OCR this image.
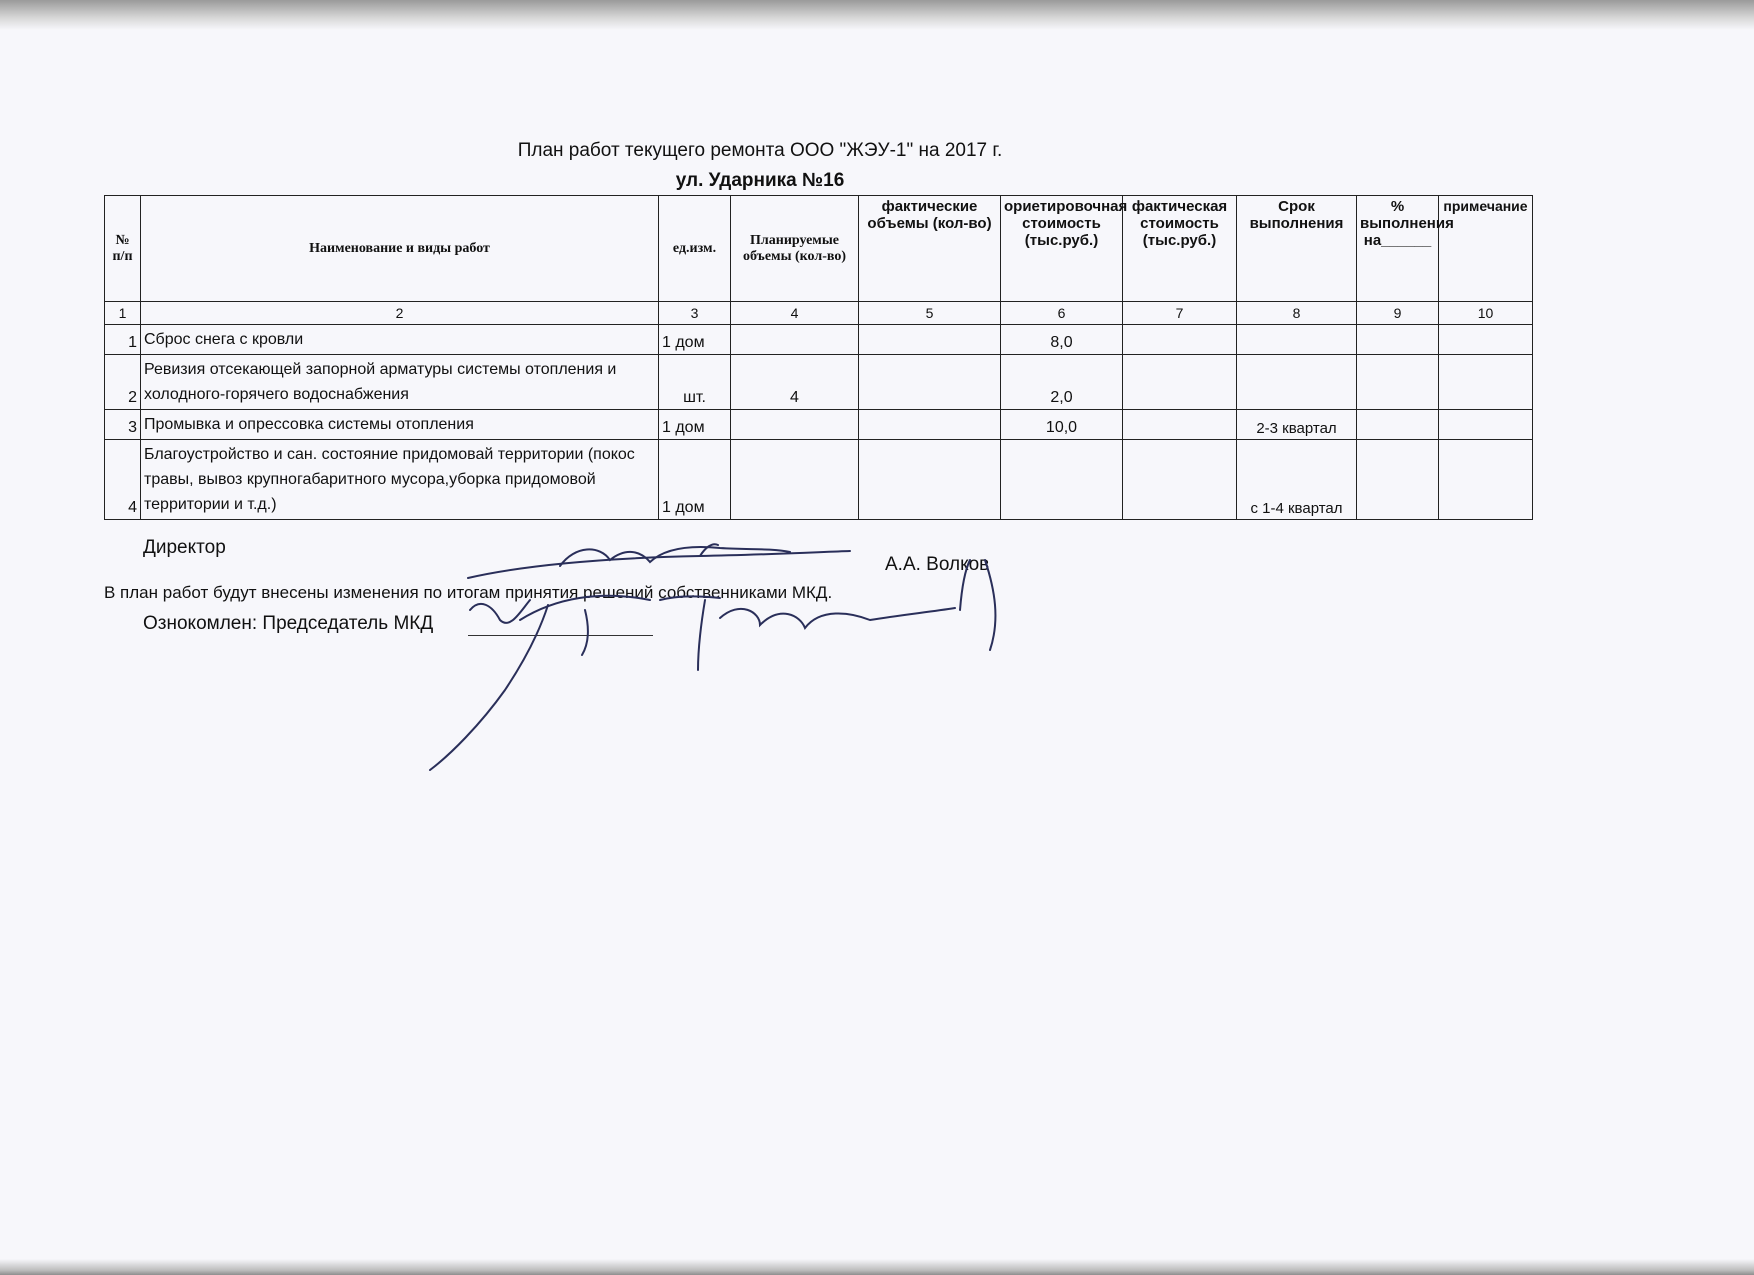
План работ текущего ремонта ООО "ЖЭУ-1" на 2017 г.
ул. Ударника №16
№ п/п	Наименование и виды работ	ед.изм.	Планируемые объемы (кол-во)	фактические объемы (кол-во)	ориетировочная стоимость (тыс.руб.)	фактическая стоимость (тыс.руб.)	Срок выполнения	% выполнения на______	примечание
1	2	3	4	5	6	7	8	9	10
1	Сброс снега с кровли	1 дом			8,0				
2	Ревизия отсекающей запорной арматуры системы отопления и холодного-горячего водоснабжения	шт.	4		2,0				
3	Промывка и опрессовка системы отопления	1 дом			10,0		2-3 квартал		
4	Благоустройство и сан. состояние придомовай территории (покос травы, вывоз крупногабаритного мусора,уборка придомовой территории и т.д.)	1 дом					с 1-4 квартал		
Директор
А.А. Волков
В план работ будут внесены изменения по итогам принятия решений собственниками МКД.
Ознокомлен: Председатель МКД
